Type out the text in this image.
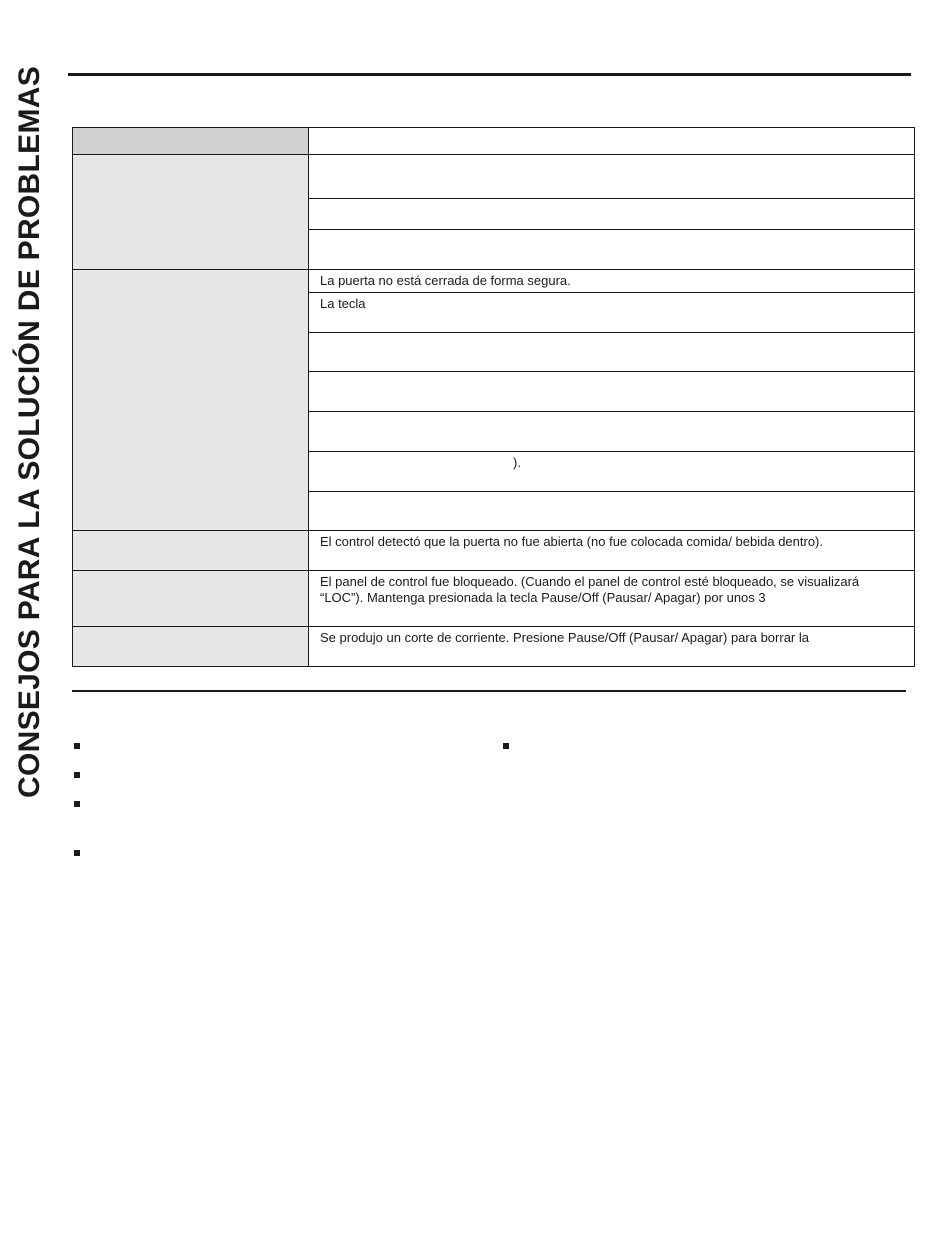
CONSEJOS PARA LA SOLUCIÓN DE PROBLEMAS	La puerta no está cerrada de forma segura.
La tecla
).
El control detectó que la puerta no fue abierta (no fue colocada comida/ bebida dentro).
El panel de control fue bloqueado. (Cuando el panel de control esté bloqueado, se visualizará “LOC”). Mantenga presionada la tecla Pause/Off (Pausar/ Apagar) por unos 3
Se produjo un corte de corriente. Presione Pause/Off (Pausar/ Apagar) para borrar la
